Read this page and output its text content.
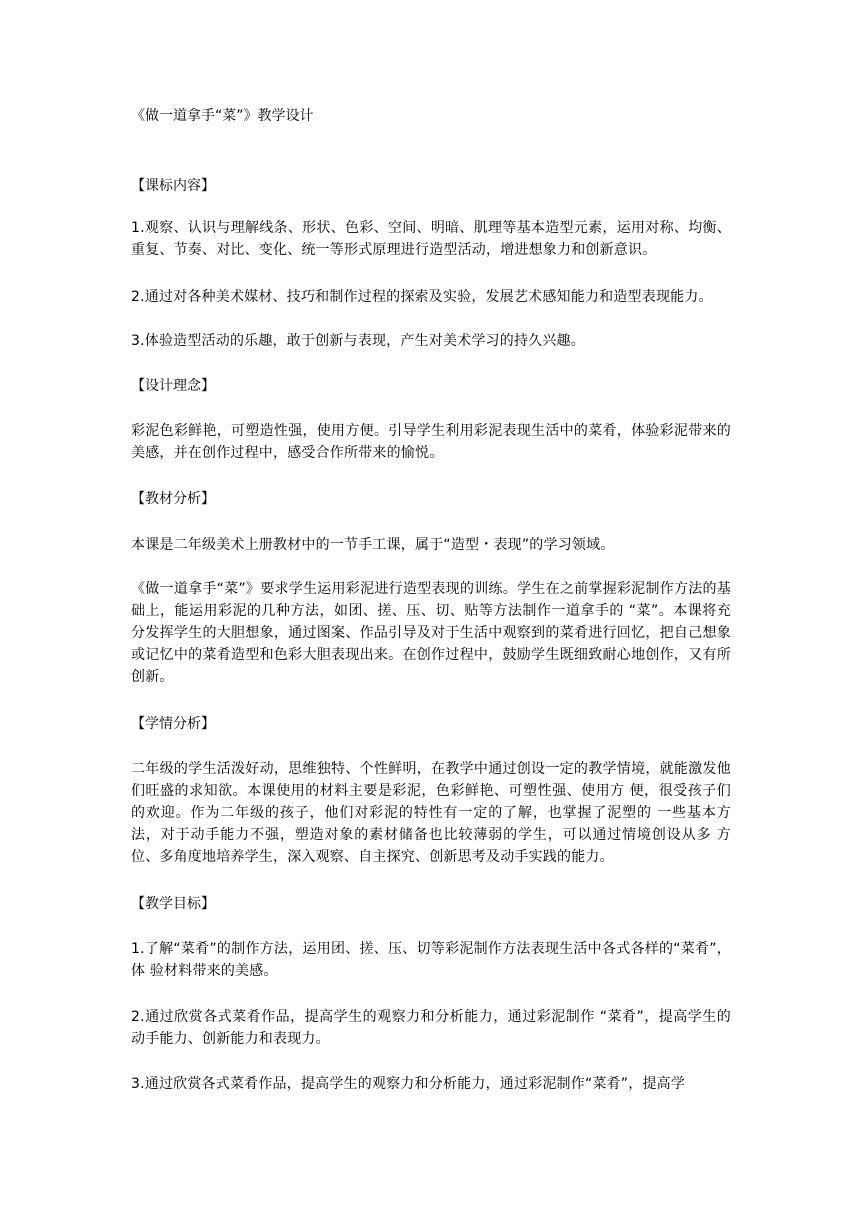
《做一道拿手“菜”》教学设计

【课标内容】

1.观察、认识与理解线条、形状、色彩、空间、明暗、肌理等基本造型元素，运用对称、均衡、重复、节奏、对比、变化、统一等形式原理进行造型活动，增进想象力和创新意识。

2.通过对各种美术媒材、技巧和制作过程的探索及实验，发展艺术感知能力和造型表现能力。

3.体验造型活动的乐趣，敢于创新与表现，产生对美术学习的持久兴趣。

【设计理念】

彩泥色彩鲜艳，可塑造性强，使用方便。引导学生利用彩泥表现生活中的菜肴，体验彩泥带来的美感，并在创作过程中，感受合作所带来的愉悦。

【教材分析】

本课是二年级美术上册教材中的一节手工课，属于“造型・表现”的学习领域。

《做一道拿手“菜”》要求学生运用彩泥进行造型表现的训练。学生在之前掌握彩泥制作方法的基础上，能运用彩泥的几种方法，如团、搓、压、切、贴等方法制作一道拿手的 “菜”。本课将充分发挥学生的大胆想象，通过图案、作品引导及对于生活中观察到的菜肴进行回忆，把自己想象或记忆中的菜肴造型和色彩大胆表现出来。在创作过程中，鼓励学生既细致耐心地创作，又有所创新。

【学情分析】

二年级的学生活泼好动，思维独特、个性鲜明，在教学中通过创设一定的教学情境，就能激发他们旺盛的求知欲。本课使用的材料主要是彩泥，色彩鲜艳、可塑性强、使用方 便，很受孩子们的欢迎。作为二年级的孩子，他们对彩泥的特性有一定的了解，也掌握了泥塑的 一些基本方法，对于动手能力不强，塑造对象的素材储备也比较薄弱的学生，可以通过情境创设从多 方位、多角度地培养学生，深入观察、自主探究、创新思考及动手实践的能力。

【教学目标】

1.了解“菜肴”的制作方法，运用团、搓、压、切等彩泥制作方法表现生活中各式各样的“菜肴”，体 验材料带来的美感。

2.通过欣赏各式菜肴作品，提高学生的观察力和分析能力，通过彩泥制作 “菜肴”，提高学生的动手能力、创新能力和表现力。

3.通过欣赏各式菜肴作品，提高学生的观察力和分析能力，通过彩泥制作“菜肴”，提高学
